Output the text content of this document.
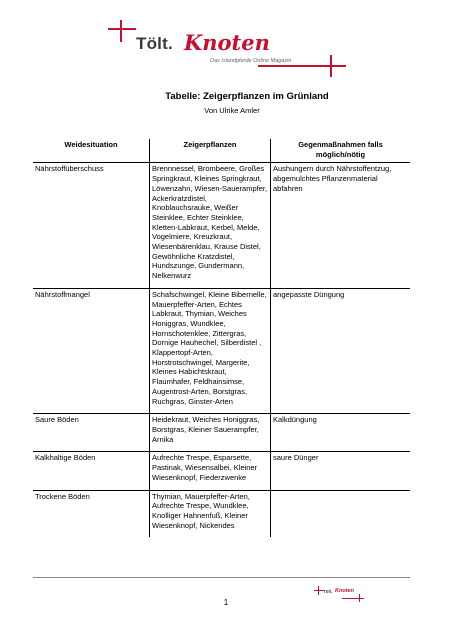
Tölt. Knoten
Das Islandpferde Online Magazin
Tabelle: Zeigerpflanzen im Grünland
Von Ulrike Amler
Weidesituation	Zeigerpflanzen	Gegenmaßnahmen falls möglich/nötig
Nährstoffüberschuss	Brennnessel, Brombeere, Großes Springkraut, Kleines Springkraut, Löwenzahn, Wiesen-Sauerampfer, Ackerkratzdistel, Knoblauchsrauke, Weißer Steinklee, Echter Steinklee, Kletten-Labkraut, Kerbel, Melde, Vogelmiere, Kreuzkraut, Wiesenbärenklau, Krause Distel, Gewöhnliche Kratzdistel, Hundszunge, Gundermann, Nelkenwurz	Aushungern durch Nährstoffentzug, abgemulchtes Pflanzenmaterial abfahren
Nährstoffmangel	Schafschwingel, Kleine Bibernelle, Mauerpfeffer-Arten, Echtes Labkraut, Thymian, Weiches Honiggras, Wundklee, Hornschotenklee, Zittergras, Dornige Hauhechel, Silberdistel , Klappertopf-Arten, Horstrotschwingel, Margerite, Kleines Habichtskraut, Flaumhafer, Feldhainsimse, Augentrost-Arten, Borstgras, Ruchgras, Ginster-Arten	angepasste Düngung
Saure Böden	Heidekraut, Weiches Honiggras, Borstgras, Kleiner Sauerampfer, Arnika	Kalkdüngung
Kalkhaltige Böden	Aufrechte Trespe, Esparsette, Pastinak, Wiesensalbei, Kleiner Wiesenknopf, Fiederzwenke	saure Dünger
Trockene Böden	Thymian, Mauerpfeffer-Arten, Aufrechte Trespe, Wundklee, Knolliger Hahnenfuß, Kleiner Wiesenknopf, Nickendes	
Tölt. Knoten
1
